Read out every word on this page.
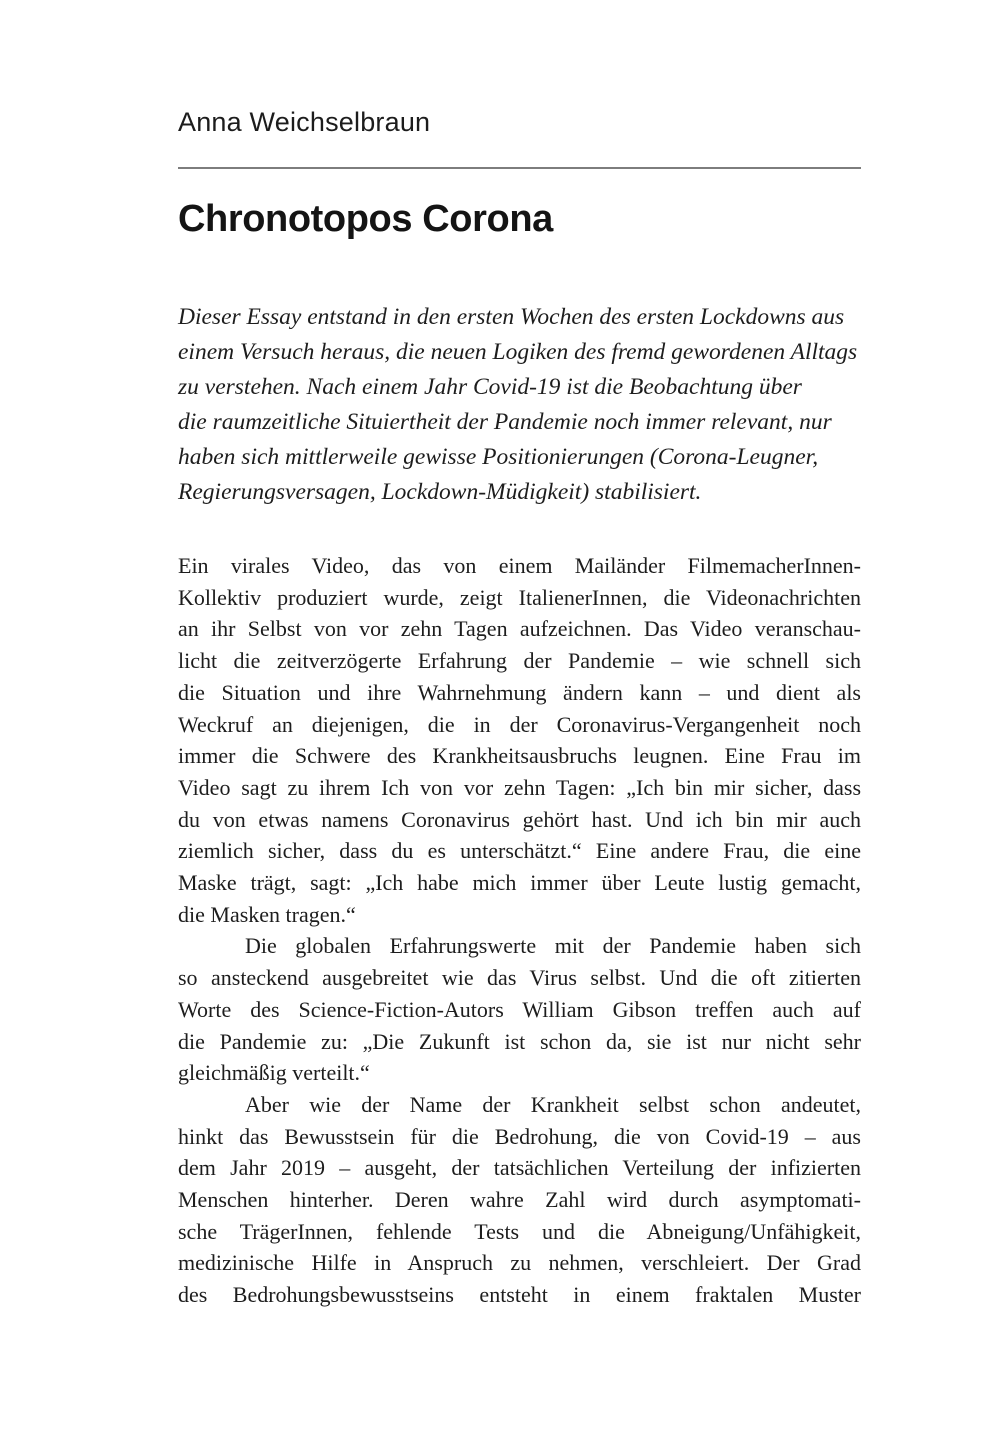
Anna Weichselbraun
Chronotopos Corona
Dieser Essay entstand in den ersten Wochen des ersten Lockdowns aus
einem Versuch heraus, die neuen Logiken des fremd gewordenen Alltags
zu verstehen. Nach einem Jahr Covid-19 ist die Beobachtung über
die raumzeitliche Situiertheit der Pandemie noch immer relevant, nur
haben sich mittlerweile gewisse Positionierungen (Corona-Leugner,
Regierungsversagen, Lockdown-Müdigkeit) stabilisiert.
Ein virales Video, das von einem Mailänder FilmemacherInnen-
Kollektiv produziert wurde, zeigt ItalienerInnen, die Videonachrichten
an ihr Selbst von vor zehn Tagen aufzeichnen. Das Video veranschau-
licht die zeitverzögerte Erfahrung der Pandemie – wie schnell sich
die Situation und ihre Wahrnehmung ändern kann – und dient als
Weckruf an diejenigen, die in der Coronavirus-Vergangenheit noch
immer die Schwere des Krankheitsausbruchs leugnen. Eine Frau im
Video sagt zu ihrem Ich von vor zehn Tagen: „Ich bin mir sicher, dass
du von etwas namens Coronavirus gehört hast. Und ich bin mir auch
ziemlich sicher, dass du es unterschätzt.“ Eine andere Frau, die eine
Maske trägt, sagt: „Ich habe mich immer über Leute lustig gemacht,
die Masken tragen.“
Die globalen Erfahrungswerte mit der Pandemie haben sich
so ansteckend ausgebreitet wie das Virus selbst. Und die oft zitierten
Worte des Science-Fiction-Autors William Gibson treffen auch auf
die Pandemie zu: „Die Zukunft ist schon da, sie ist nur nicht sehr
gleichmäßig verteilt.“
Aber wie der Name der Krankheit selbst schon andeutet,
hinkt das Bewusstsein für die Bedrohung, die von Covid-19 – aus
dem Jahr 2019 – ausgeht, der tatsächlichen Verteilung der infizierten
Menschen hinterher. Deren wahre Zahl wird durch asymptomati-
sche TrägerInnen, fehlende Tests und die Abneigung/Unfähigkeit,
medizinische Hilfe in Anspruch zu nehmen, verschleiert. Der Grad
des Bedrohungsbewusstseins entsteht in einem fraktalen Muster
